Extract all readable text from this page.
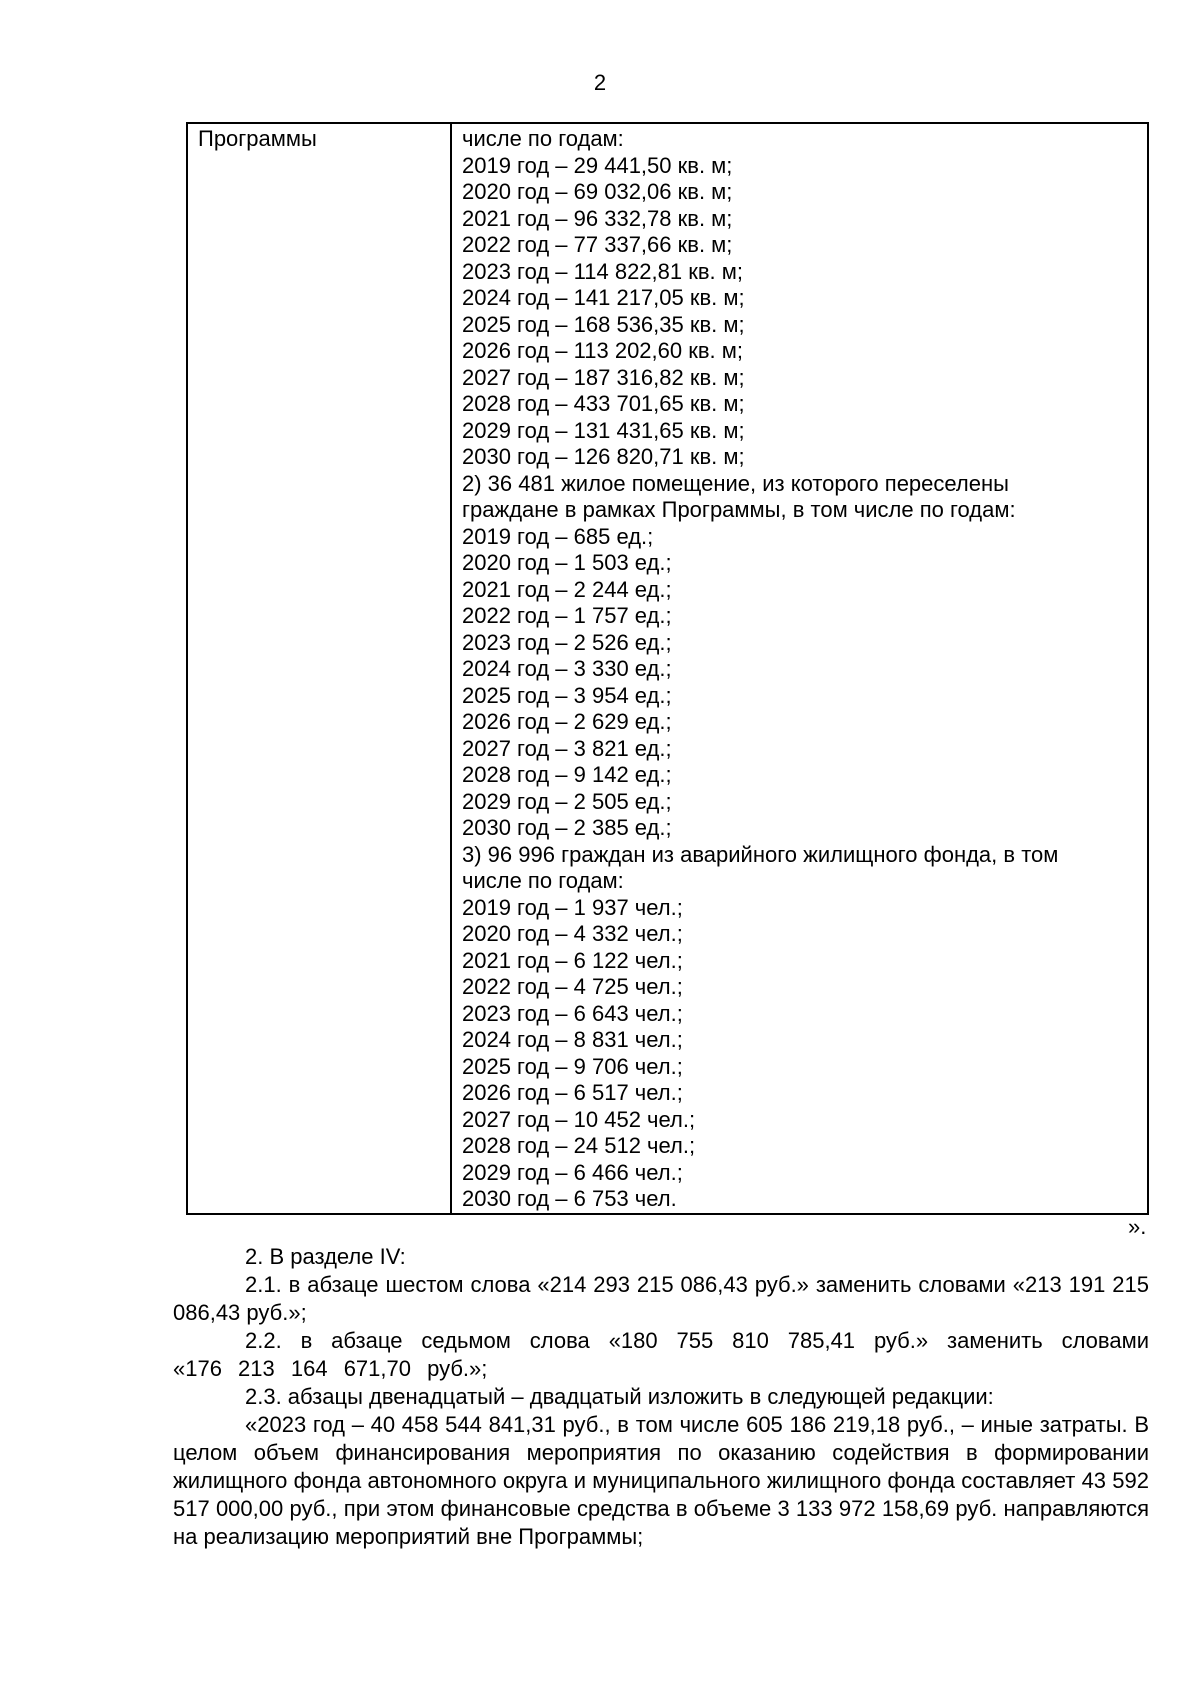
2
Программы	числе по годам:
2019 год – 29 441,50 кв. м;
2020 год – 69 032,06 кв. м;
2021 год – 96 332,78 кв. м;
2022 год – 77 337,66 кв. м;
2023 год – 114 822,81 кв. м;
2024 год – 141 217,05 кв. м;
2025 год – 168 536,35 кв. м;
2026 год – 113 202,60 кв. м;
2027 год – 187 316,82 кв. м;
2028 год – 433 701,65 кв. м;
2029 год – 131 431,65 кв. м;
2030 год – 126 820,71 кв. м;
2) 36 481 жилое помещение, из которого переселены
граждане в рамках Программы, в том числе по годам:
2019 год – 685 ед.;
2020 год – 1 503 ед.;
2021 год – 2 244 ед.;
2022 год – 1 757 ед.;
2023 год – 2 526 ед.;
2024 год – 3 330 ед.;
2025 год – 3 954 ед.;
2026 год – 2 629 ед.;
2027 год – 3 821 ед.;
2028 год – 9 142 ед.;
2029 год – 2 505 ед.;
2030 год – 2 385 ед.;
3) 96 996 граждан из аварийного жилищного фонда, в том
числе по годам:
2019 год – 1 937 чел.;
2020 год – 4 332 чел.;
2021 год – 6 122 чел.;
2022 год – 4 725 чел.;
2023 год – 6 643 чел.;
2024 год – 8 831 чел.;
2025 год – 9 706 чел.;
2026 год – 6 517 чел.;
2027 год – 10 452 чел.;
2028 год – 24 512 чел.;
2029 год – 6 466 чел.;
2030 год – 6 753 чел.
».

2. В разделе IV:

2.1. в абзаце шестом слова «214 293 215 086,43 руб.» заменить словами «213 191 215 086,43 руб.»;

2.2. в абзаце седьмом слова «180 755 810 785,41 руб.» заменить словами «176 213 164 671,70 руб.»;

2.3. абзацы двенадцатый – двадцатый изложить в следующей редакции:

«2023 год – 40 458 544 841,31 руб., в том числе 605 186 219,18 руб., – иные затраты. В целом объем финансирования мероприятия по оказанию содействия в формировании жилищного фонда автономного округа и муниципального жилищного фонда составляет 43 592 517 000,00 руб., при этом финансовые средства в объеме 3 133 972 158,69 руб. направляются на реализацию мероприятий вне Программы;
